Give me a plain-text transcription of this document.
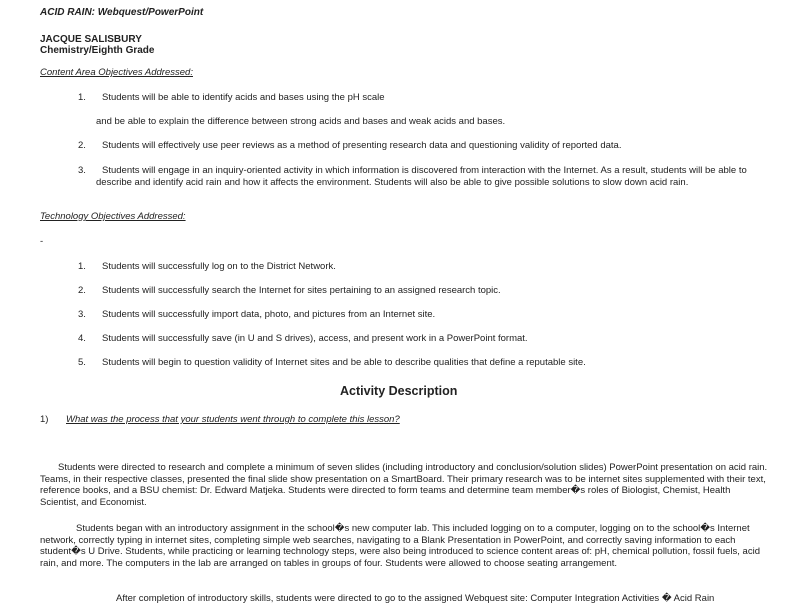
ACID RAIN: Webquest/PowerPoint
JACQUE SALISBURY
Chemistry/Eighth Grade
Content Area Objectives Addressed:
1. Students will be able to identify acids and bases using the pH scale
and be able to explain the difference between strong acids and bases and weak acids and bases.
2. Students will effectively use peer reviews as a method of presenting research data and questioning validity of reported data.
3.	Students will engage in an inquiry-oriented activity in which information is discovered from interaction with the Internet. As a result, students will be able to describe and identify acid rain and how it affects the environment. Students will also be able to give possible solutions to slow down acid rain.
Technology Objectives Addressed:
-
1. Students will successfully log on to the District Network.
2. Students will successfully search the Internet for sites pertaining to an assigned research topic.
3. Students will successfully import data, photo, and pictures from an Internet site.
4. Students will successfully save (in U and S drives), access, and present work in a PowerPoint format.
5. Students will begin to question validity of Internet sites and be able to describe qualities that define a reputable site.
Activity Description
1) What was the process that your students went through to complete this lesson?
Students were directed to research and complete a minimum of seven slides (including introductory and conclusion/solution slides) PowerPoint presentation on acid rain. Teams, in their respective classes, presented the final slide show presentation on a SmartBoard. Their primary research was to be internet sites supplemented with their text, reference books, and a BSU chemist: Dr. Edward Matjeka. Students were directed to form teams and determine team member�s roles of Biologist, Chemist, Health Scientist, and Economist.
Students began with an introductory assignment in the school�s new computer lab. This included logging on to a computer, logging on to the school�s Internet network, correctly typing in internet sites, completing simple web searches, navigating to a Blank Presentation in PowerPoint, and correctly saving information to each student�s U Drive. Students, while practicing or learning technology steps, were also being introduced to science content areas of: pH, chemical pollution, fossil fuels, acid rain, and more. The computers in the lab are arranged on tables in groups of four. Students were allowed to choose seating arrangement.
After completion of introductory skills, students were directed to go to the assigned Webquest site: Computer Integration Activities � Acid Rain
